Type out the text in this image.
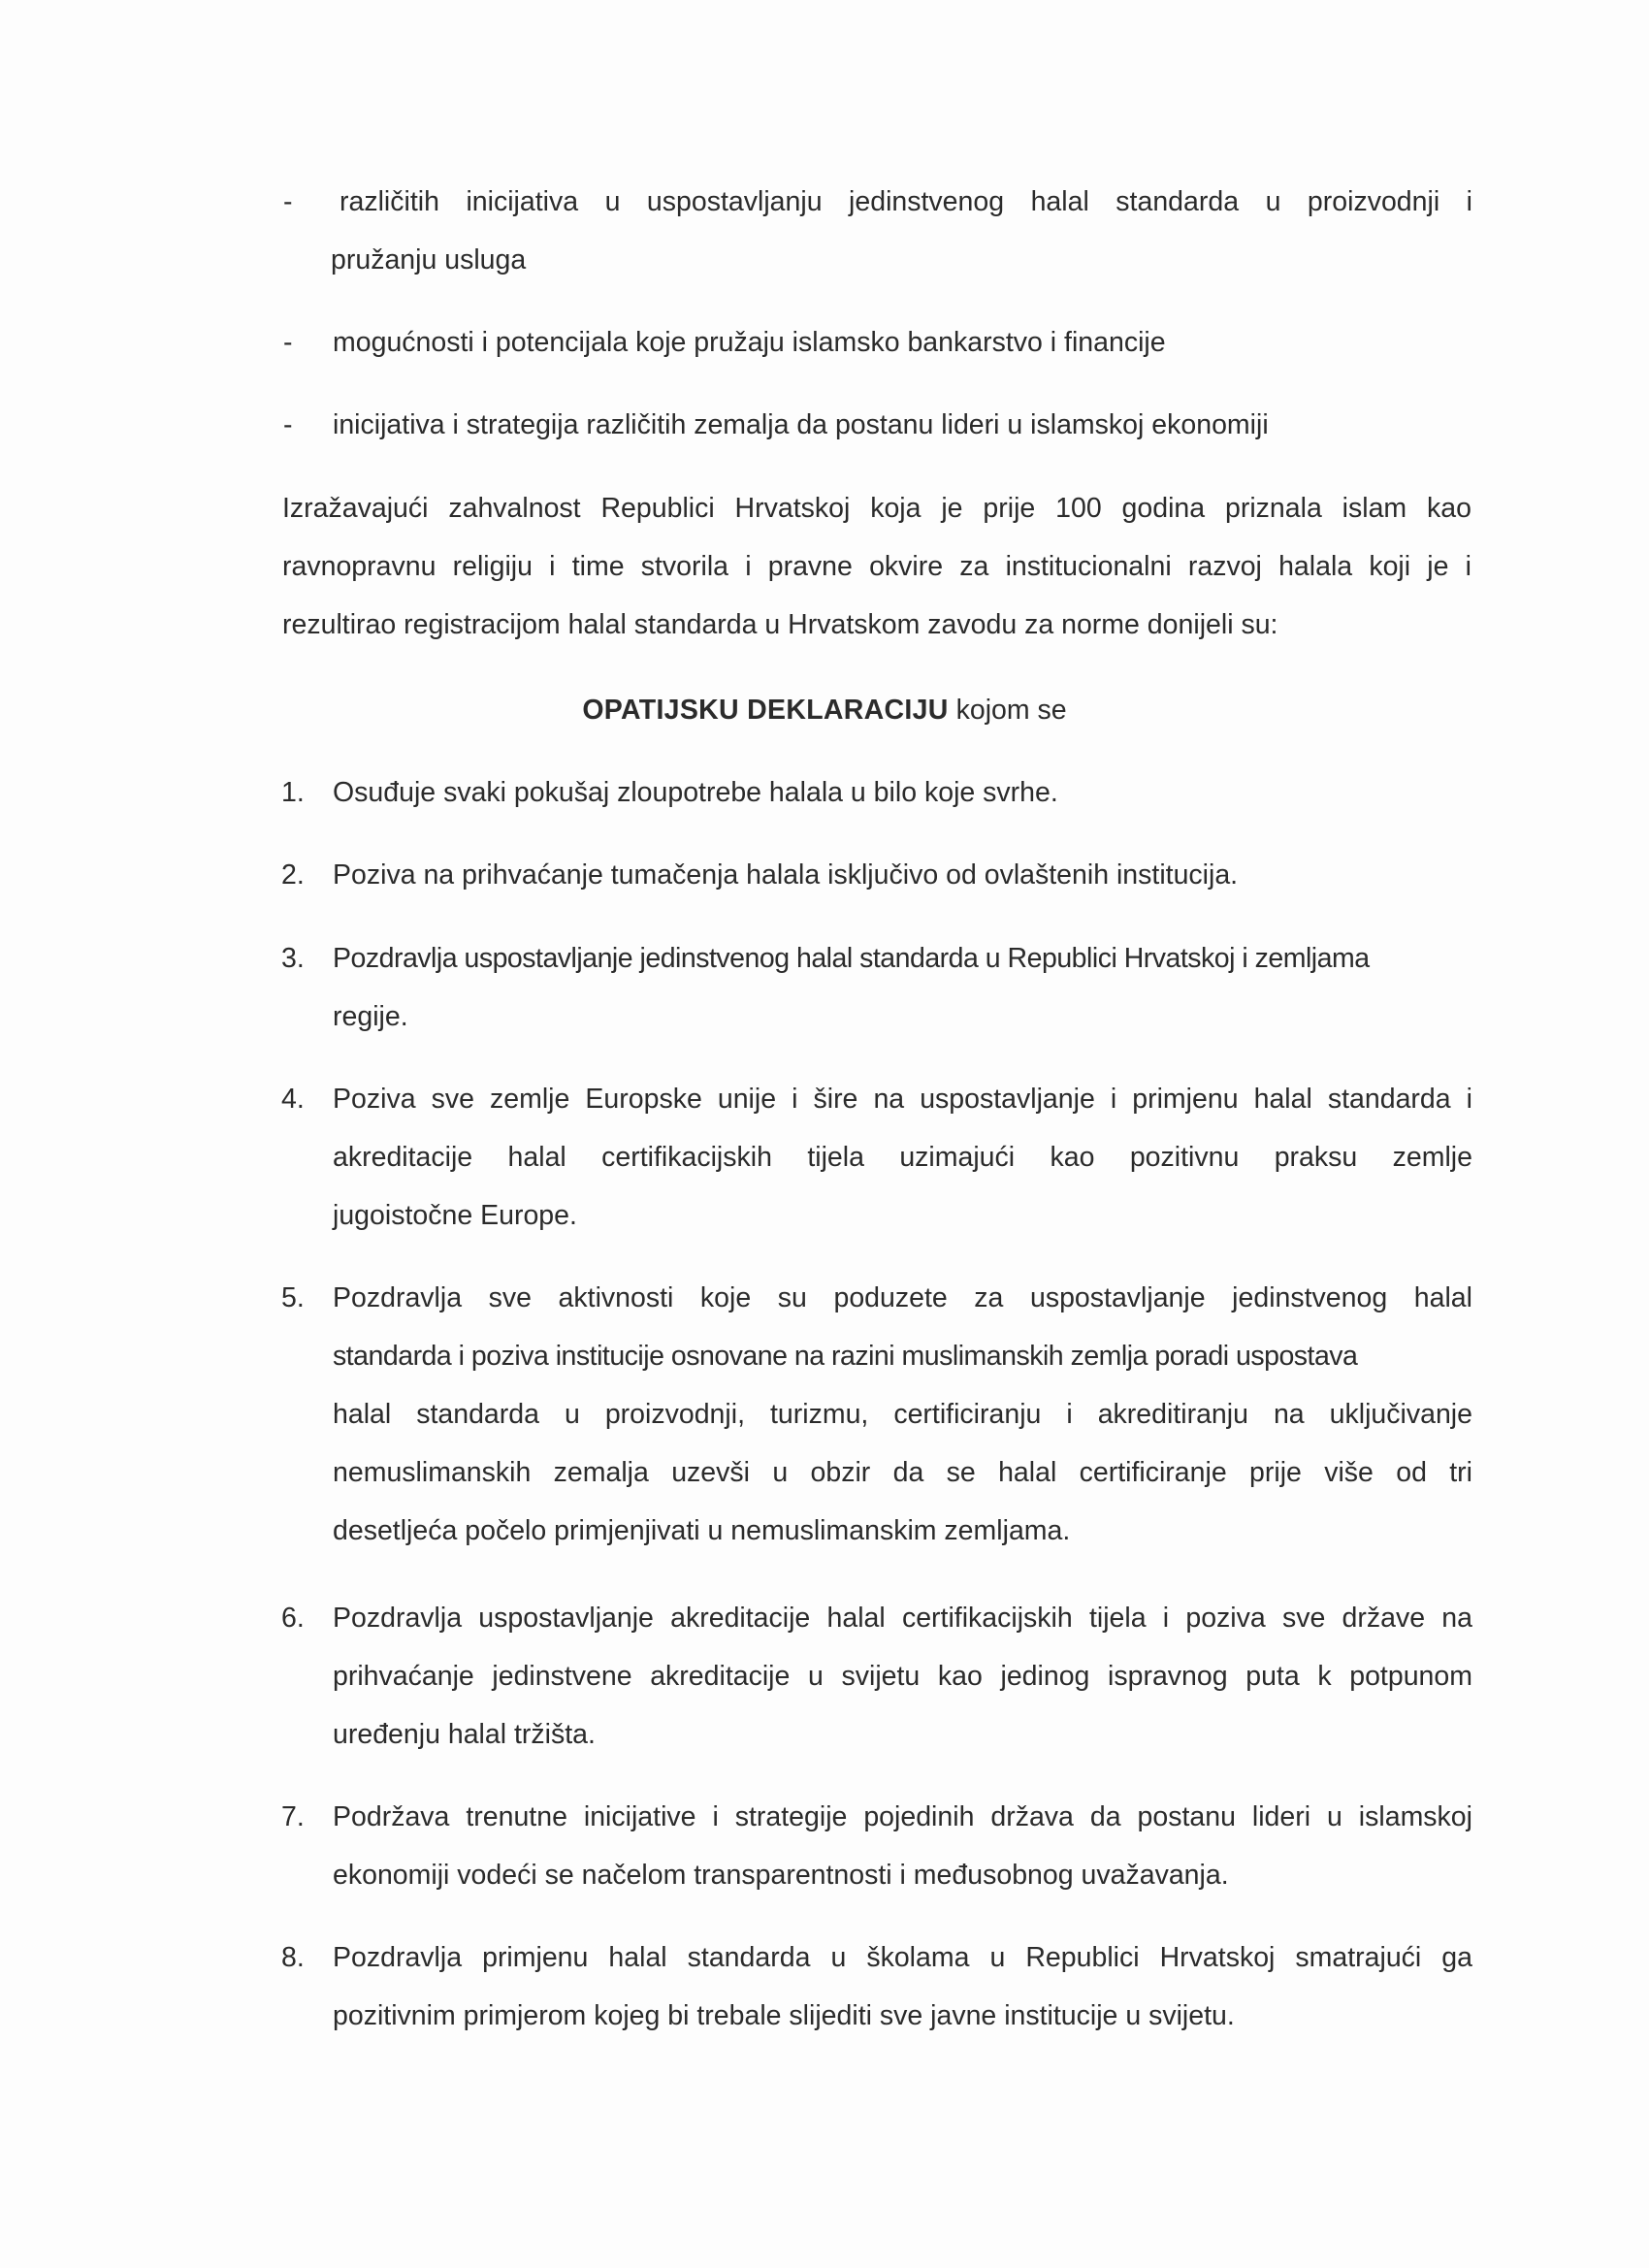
- različitih inicijativa u uspostavljanju jedinstvenog halal standarda u proizvodnji i
pružanju usluga
- mogućnosti i potencijala koje pružaju islamsko bankarstvo i financije
- inicijativa i strategija različitih zemalja da postanu lideri u islamskoj ekonomiji
Izražavajući zahvalnost Republici Hrvatskoj koja je prije 100 godina priznala islam kao
ravnopravnu religiju i time stvorila i pravne okvire za institucionalni razvoj halala koji je i
rezultirao registracijom halal standarda u Hrvatskom zavodu za norme donijeli su:
OPATIJSKU DEKLARACIJU kojom se
1. Osuđuje svaki pokušaj zloupotrebe halala u bilo koje svrhe.
2. Poziva na prihvaćanje tumačenja halala isključivo od ovlaštenih institucija.
3. Pozdravlja uspostavljanje jedinstvenog halal standarda u Republici Hrvatskoj i zemljama
regije.
4. Poziva sve zemlje Europske unije i šire na uspostavljanje i primjenu halal standarda i
akreditacije halal certifikacijskih tijela uzimajući kao pozitivnu praksu zemlje
jugoistočne Europe.
5. Pozdravlja sve aktivnosti koje su poduzete za uspostavljanje jedinstvenog halal
standarda i poziva institucije osnovane na razini muslimanskih zemlja poradi uspostava
halal standarda u proizvodnji, turizmu, certificiranju i akreditiranju na uključivanje
nemuslimanskih zemalja uzevši u obzir da se halal certificiranje prije više od tri
desetljeća počelo primjenjivati u nemuslimanskim zemljama.
6. Pozdravlja uspostavljanje akreditacije halal certifikacijskih tijela i poziva sve države na
prihvaćanje jedinstvene akreditacije u svijetu kao jedinog ispravnog puta k potpunom
uređenju halal tržišta.
7. Podržava trenutne inicijative i strategije pojedinih država da postanu lideri u islamskoj
ekonomiji vodeći se načelom transparentnosti i međusobnog uvažavanja.
8. Pozdravlja primjenu halal standarda u školama u Republici Hrvatskoj smatrajući ga
pozitivnim primjerom kojeg bi trebale slijediti sve javne institucije u svijetu.
